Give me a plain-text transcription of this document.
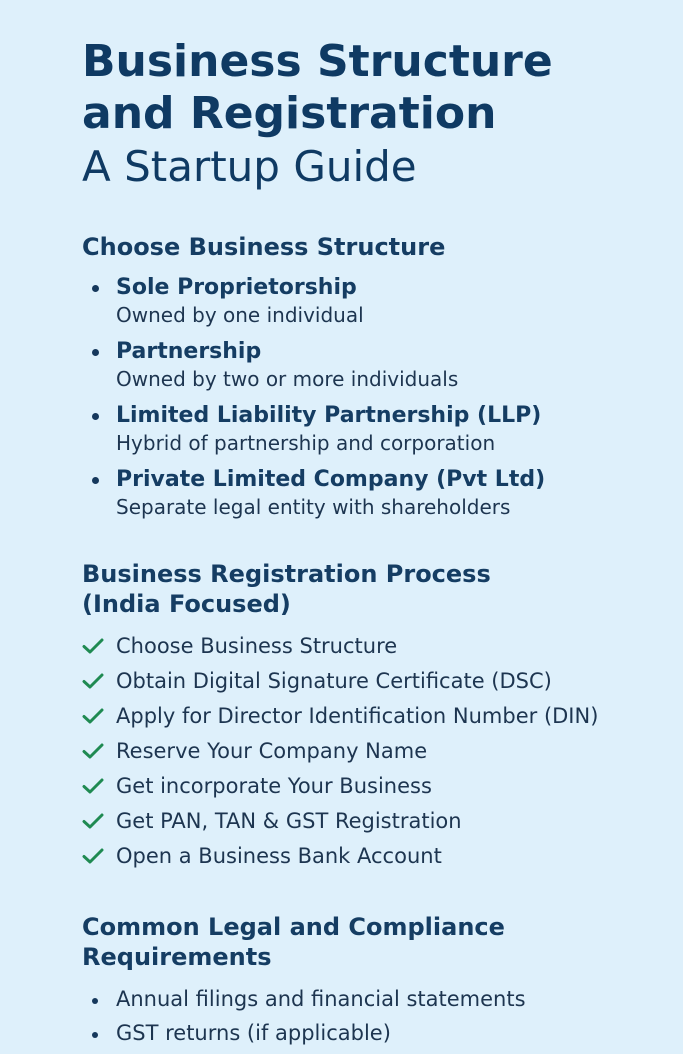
Business Structure
and Registration
A Startup Guide
Choose Business Structure
Sole Proprietorship
Owned by one individual
Partnership
Owned by two or more individuals
Limited Liability Partnership (LLP)
Hybrid of partnership and corporation
Private Limited Company (Pvt Ltd)
Separate legal entity with shareholders
Business Registration Process
(India Focused)
Choose Business Structure
Obtain Digital Signature Certificate (DSC)
Apply for Director Identification Number (DIN)
Reserve Your Company Name
Get incorporate Your Business
Get PAN, TAN & GST Registration
Open a Business Bank Account
Common Legal and Compliance
Requirements
Annual filings and financial statements
GST returns (if applicable)
